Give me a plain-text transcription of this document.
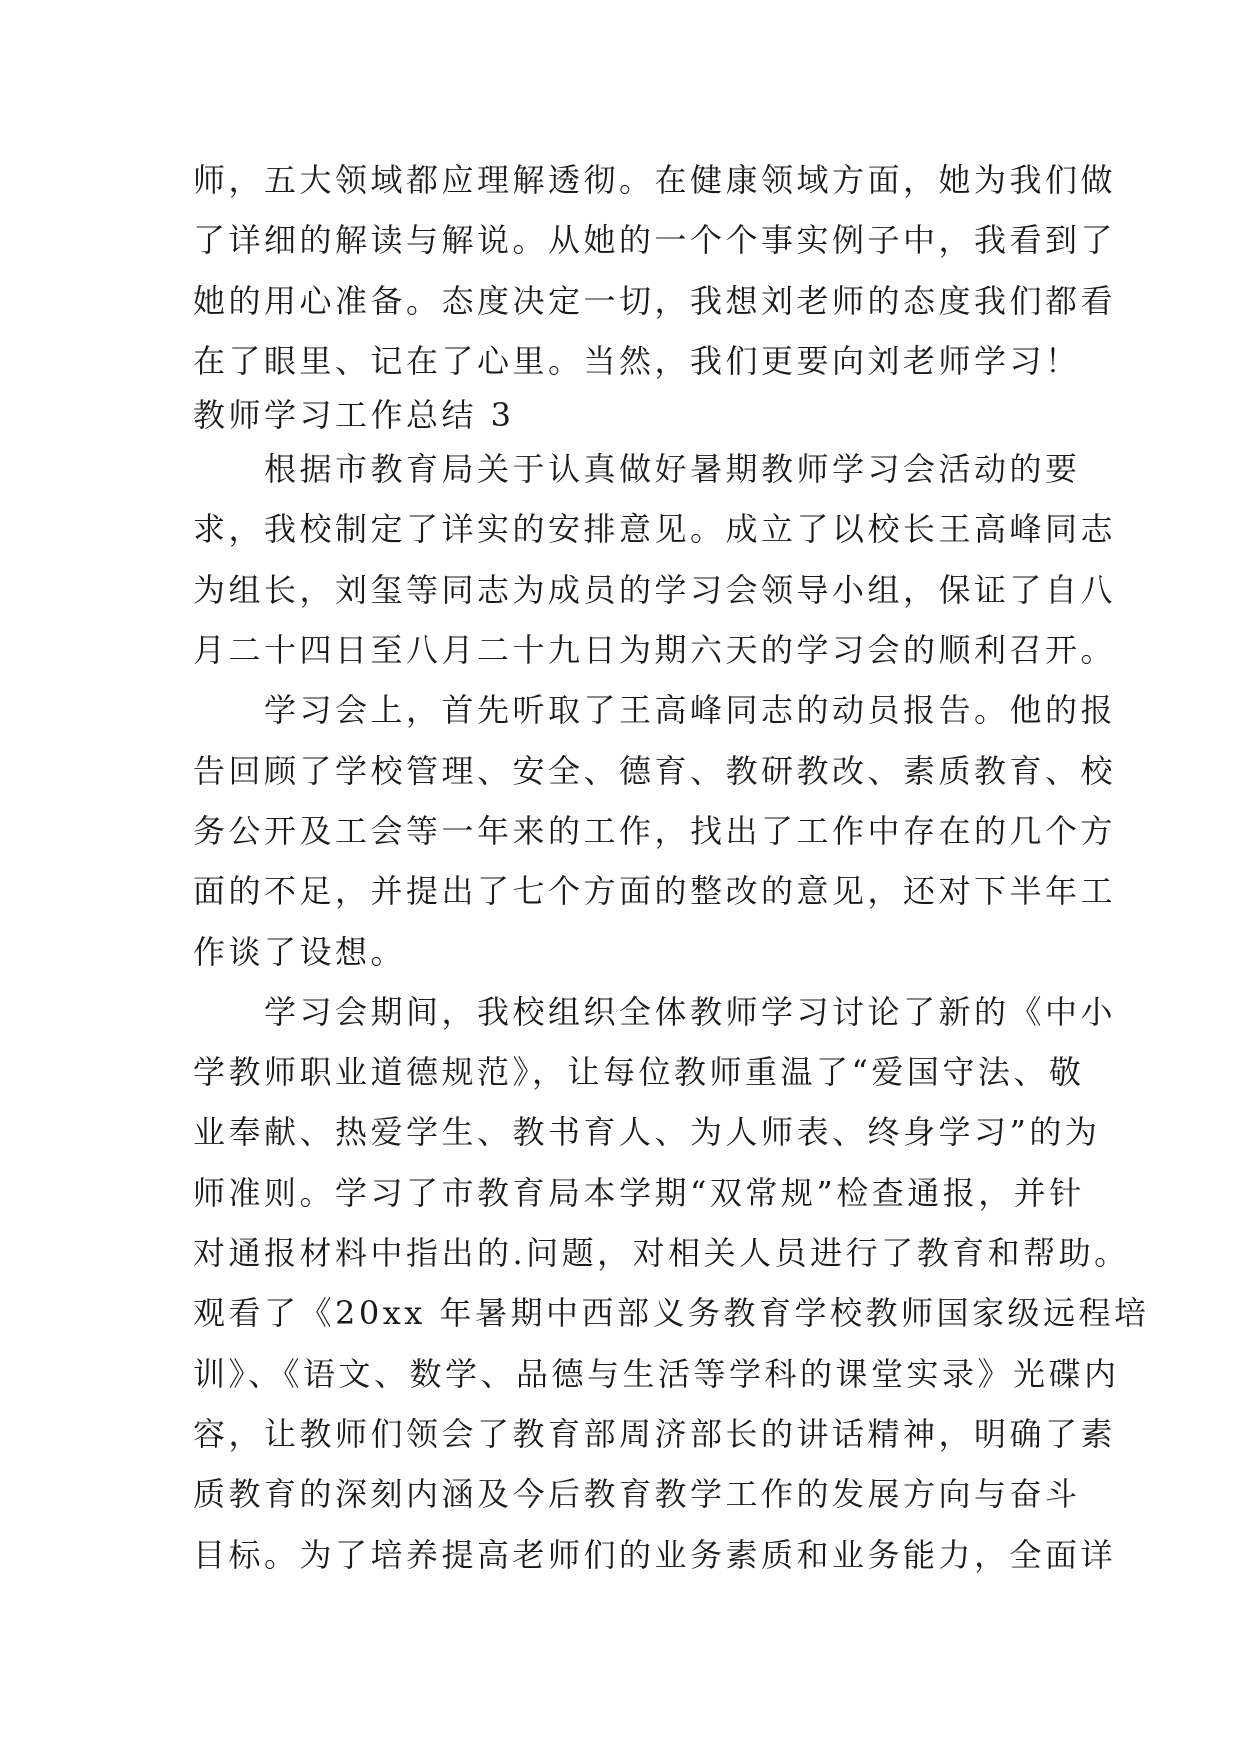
师，五大领域都应理解透彻。在健康领域方面，她为我们做
了详细的解读与解说。从她的一个个事实例子中，我看到了
她的用心准备。态度决定一切，我想刘老师的态度我们都看
在了眼里、记在了心里。当然，我们更要向刘老师学习！
教师学习工作总结 3
　　根据市教育局关于认真做好暑期教师学习会活动的要
求，我校制定了详实的安排意见。成立了以校长王高峰同志
为组长，刘玺等同志为成员的学习会领导小组，保证了自八
月二十四日至八月二十九日为期六天的学习会的顺利召开。
　　学习会上，首先听取了王高峰同志的动员报告。他的报
告回顾了学校管理、安全、德育、教研教改、素质教育、校
务公开及工会等一年来的工作，找出了工作中存在的几个方
面的不足，并提出了七个方面的整改的意见，还对下半年工
作谈了设想。
　　学习会期间，我校组织全体教师学习讨论了新的《中小
学教师职业道德规范》，让每位教师重温了“爱国守法、敬
业奉献、热爱学生、教书育人、为人师表、终身学习”的为
师准则。学习了市教育局本学期“双常规”检查通报，并针
对通报材料中指出的.问题，对相关人员进行了教育和帮助。
观看了《20xx 年暑期中西部义务教育学校教师国家级远程培
训》、《语文、数学、品德与生活等学科的课堂实录》光碟内
容，让教师们领会了教育部周济部长的讲话精神，明确了素
质教育的深刻内涵及今后教育教学工作的发展方向与奋斗
目标。为了培养提高老师们的业务素质和业务能力，全面详
